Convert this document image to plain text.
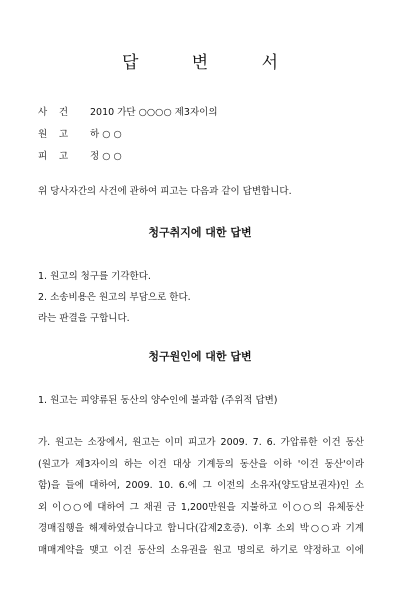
답 변 서
사 건 2010 가단 ○○○○ 제3자이의
원 고 하 ○ ○
피 고 정 ○ ○
위 당사자간의 사건에 관하여 피고는 다음과 같이 답변합니다.
청구취지에 대한 답변
1. 원고의 청구를 기각한다.
2. 소송비용은 원고의 부담으로 한다.
라는 판결을 구합니다.
청구원인에 대한 답변
1. 원고는 피양류된 동산의 양수인에 불과함 (주위적 답변)
가. 원고는 소장에서, 원고는 이미 피고가 2009. 7. 6. 가압류한 이건 동산
(원고가 제3자이의 하는 이건 대상 기계등의 동산을 이하 '이건 동산'이라
함)을 들에 대하여, 2009. 10. 6.에 그 이전의 소유자(양도담보권자)인 소
외 이○○에 대하여 그 채권 금 1,200만원을 지불하고 이○○의 유체동산
경매집행을 해제하였습니다고 합니다(갑제2호증). 이후 소외 박○○과 기계
매매계약을 맺고 이건 동산의 소유권을 원고 명의로 하기로 약정하고 이에
